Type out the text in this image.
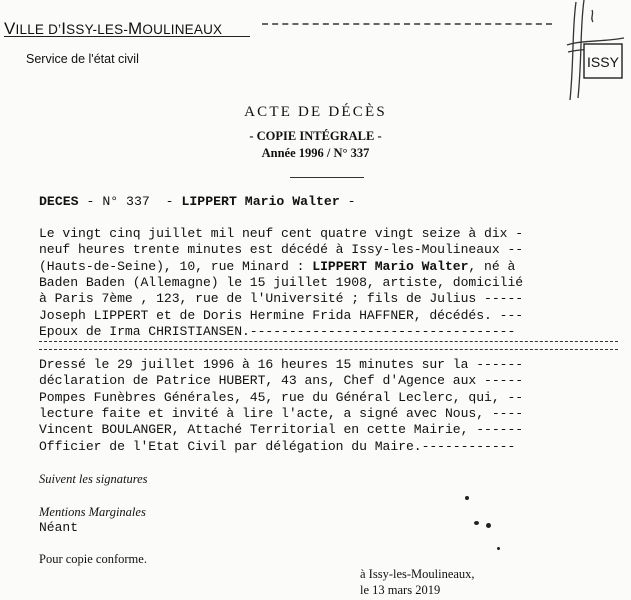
VILLE D’ISSY-LES-MOULINEAUX
Service de l'état civil	ISSY
ACTE DE DÉCÈS
- COPIE INTÉGRALE -
Année 1996 / N° 337
DECES - N° 337  - LIPPERT Mario Walter -
Le vingt cinq juillet mil neuf cent quatre vingt seize à dix -
neuf heures trente minutes est décédé à Issy-les-Moulineaux --
(Hauts-de-Seine), 10, rue Minard : LIPPERT Mario Walter, né à
Baden Baden (Allemagne) le 15 juillet 1908, artiste, domicilié
à Paris 7ème , 123, rue de l'Université ; fils de Julius -----
Joseph LIPPERT et de Doris Hermine Frida HAFFNER, décédés. ---
Epoux de Irma CHRISTIANSEN.----------------------------------
Dressé le 29 juillet 1996 à 16 heures 15 minutes sur la ------
déclaration de Patrice HUBERT, 43 ans, Chef d'Agence aux -----
Pompes Funèbres Générales, 45, rue du Général Leclerc, qui, --
lecture faite et invité à lire l'acte, a signé avec Nous, ----
Vincent BOULANGER, Attaché Territorial en cette Mairie, ------
Officier de l'Etat Civil par délégation du Maire.------------
Suivent les signatures
Mentions Marginales
Néant
Pour copie conforme.
à Issy-les-Moulineaux,
le 13 mars 2019
